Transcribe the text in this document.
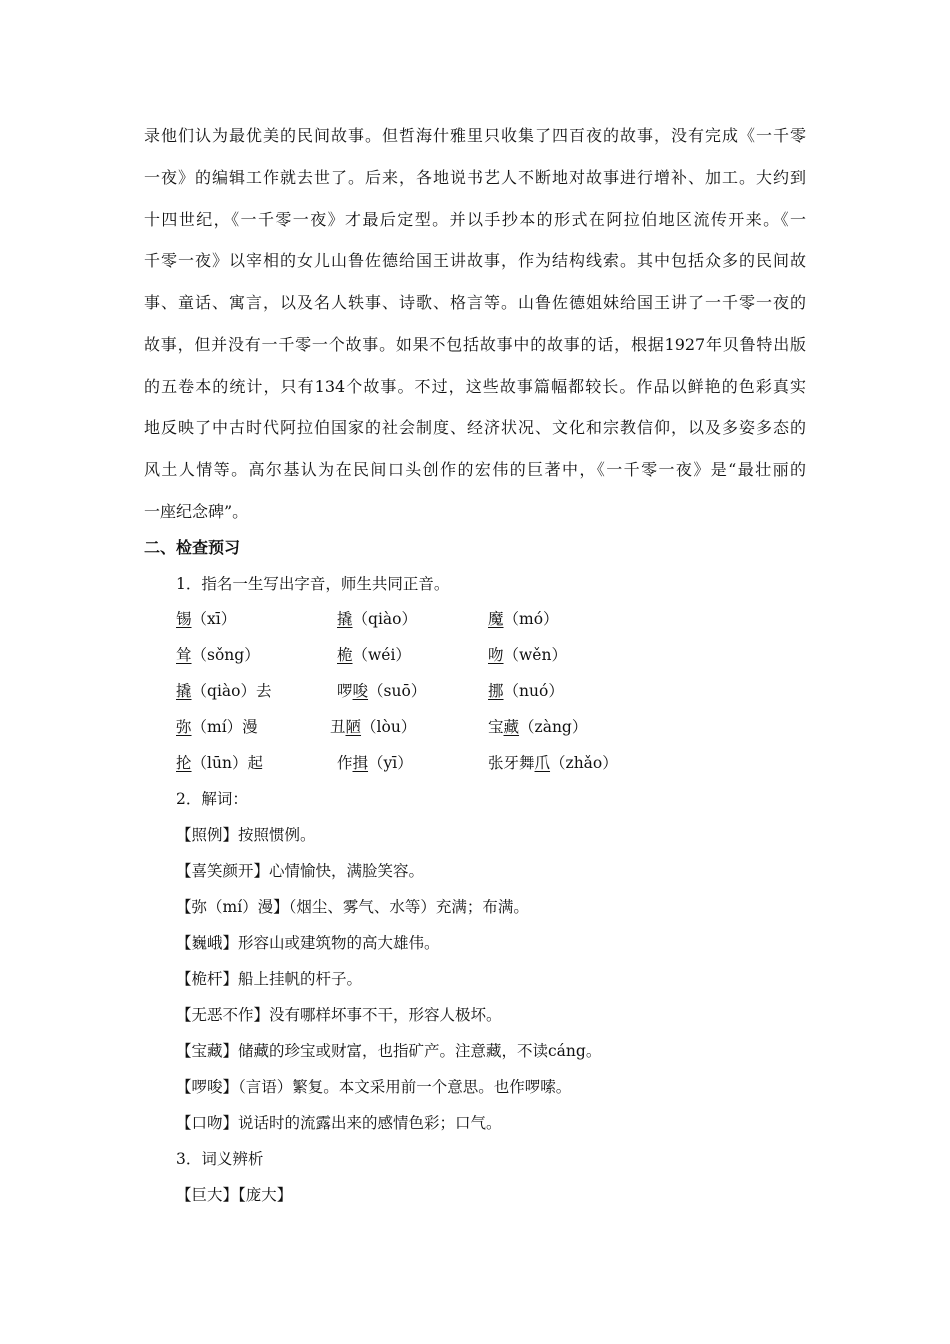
录他们认为最优美的民间故事。但哲海什雅里只收集了四百夜的故事，没有完成《一千零
一夜》的编辑工作就去世了。后来，各地说书艺人不断地对故事进行增补、加工。大约到
十四世纪，《一千零一夜》才最后定型。并以手抄本的形式在阿拉伯地区流传开来。《一
千零一夜》以宰相的女儿山鲁佐德给国王讲故事，作为结构线索。其中包括众多的民间故
事、童话、寓言，以及名人轶事、诗歌、格言等。山鲁佐德姐妹给国王讲了一千零一夜的
故事，但并没有一千零一个故事。如果不包括故事中的故事的话，根据1927年贝鲁特出版
的五卷本的统计，只有134个故事。不过，这些故事篇幅都较长。作品以鲜艳的色彩真实
地反映了中古时代阿拉伯国家的社会制度、经济状况、文化和宗教信仰，以及多姿多态的
风土人情等。高尔基认为在民间口头创作的宏伟的巨著中，《一千零一夜》是“最壮丽的
一座纪念碑”。
二、检查预习
1．指名一生写出字音，师生共同正音。
锡（xī）	撬（qiào）	魔（mó）
耸（sǒng）	桅（wéi）	吻（wěn）
撬（qiào）去	啰唆（suō）	挪（nuó）
弥（mí）漫	丑陋（lòu）	宝藏（zàng）
抡（lūn）起	作揖（yī）	张牙舞爪（zhǎo）
2．解词：
【照例】按照惯例。
【喜笑颜开】心情愉快，满脸笑容。
【弥（mí）漫】（烟尘、雾气、水等）充满；布满。
【巍峨】形容山或建筑物的高大雄伟。
【桅杆】船上挂帆的杆子。
【无恶不作】没有哪样坏事不干，形容人极坏。
【宝藏】储藏的珍宝或财富，也指矿产。注意藏，不读cáng。
【啰唆】（言语）繁复。本文采用前一个意思。也作啰嗦。
【口吻】说话时的流露出来的感情色彩；口气。
3．词义辨析
【巨大】【庞大】
